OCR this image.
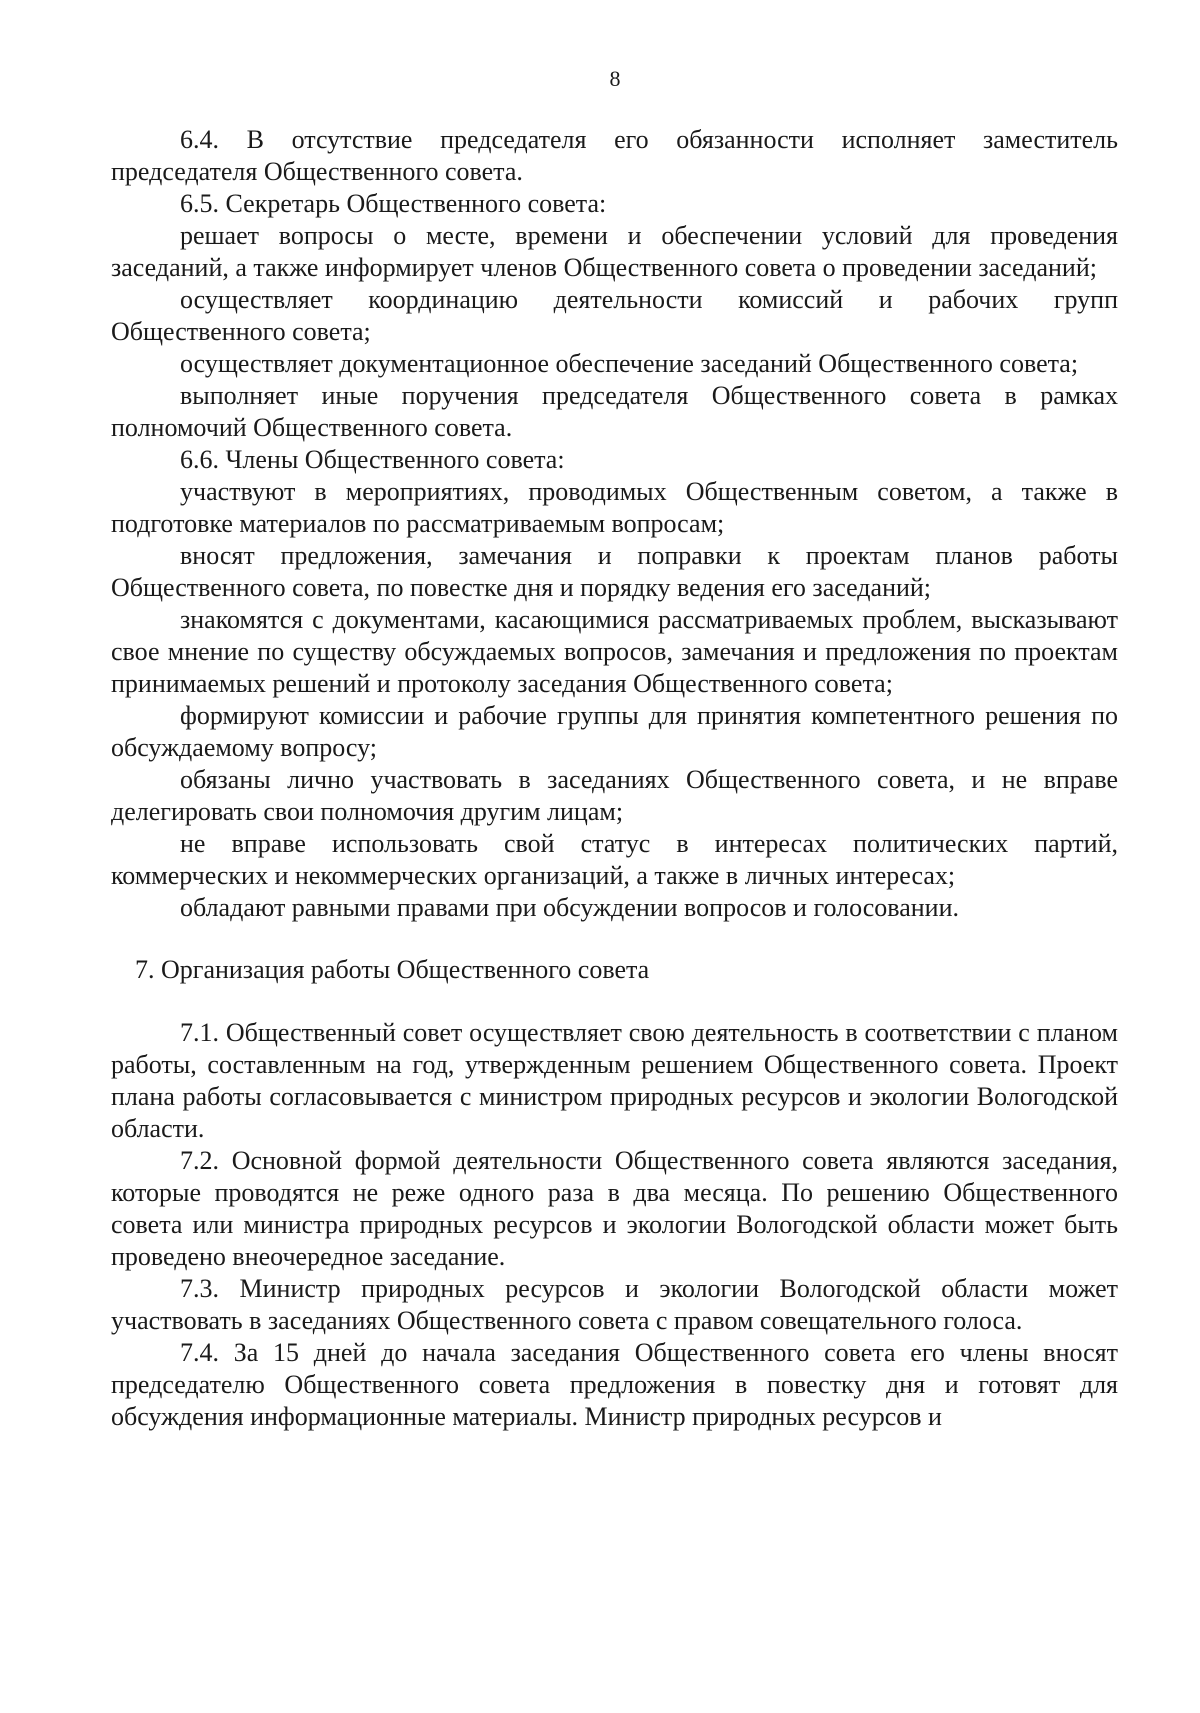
8

6.4. В отсутствие председателя его обязанности исполняет заместитель председателя Общественного совета.

6.5. Секретарь Общественного совета:

решает вопросы о месте, времени и обеспечении условий для проведения заседаний, а также информирует членов Общественного совета о проведении заседаний;

осуществляет координацию деятельности комиссий и рабочих групп Общественного совета;

осуществляет документационное обеспечение заседаний Общественного совета;

выполняет иные поручения председателя Общественного совета в рамках полномочий Общественного совета.

6.6. Члены Общественного совета:

участвуют в мероприятиях, проводимых Общественным советом, а также в подготовке материалов по рассматриваемым вопросам;

вносят предложения, замечания и поправки к проектам планов работы Общественного совета, по повестке дня и порядку ведения его заседаний;

знакомятся с документами, касающимися рассматриваемых проблем, высказывают свое мнение по существу обсуждаемых вопросов, замечания и предложения по проектам принимаемых решений и протоколу заседания Общественного совета;

формируют комиссии и рабочие группы для принятия компетентного решения по обсуждаемому вопросу;

обязаны лично участвовать в заседаниях Общественного совета, и не вправе делегировать свои полномочия другим лицам;

не вправе использовать свой статус в интересах политических партий, коммерческих и некоммерческих организаций, а также в личных интересах;

обладают равными правами при обсуждении вопросов и голосовании.

7. Организация работы Общественного совета

7.1. Общественный совет осуществляет свою деятельность в соответствии с планом работы, составленным на год, утвержденным решением Общественного совета. Проект плана работы согласовывается с министром природных ресурсов и экологии Вологодской области.

7.2. Основной формой деятельности Общественного совета являются заседания, которые проводятся не реже одного раза в два месяца. По решению Общественного совета или министра природных ресурсов и экологии Вологодской области может быть проведено внеочередное заседание.

7.3. Министр природных ресурсов и экологии Вологодской области может участвовать в заседаниях Общественного совета с правом совещательного голоса.

7.4. За 15 дней до начала заседания Общественного совета его члены вносят председателю Общественного совета предложения в повестку дня и готовят для обсуждения информационные материалы. Министр природных ресурсов и
